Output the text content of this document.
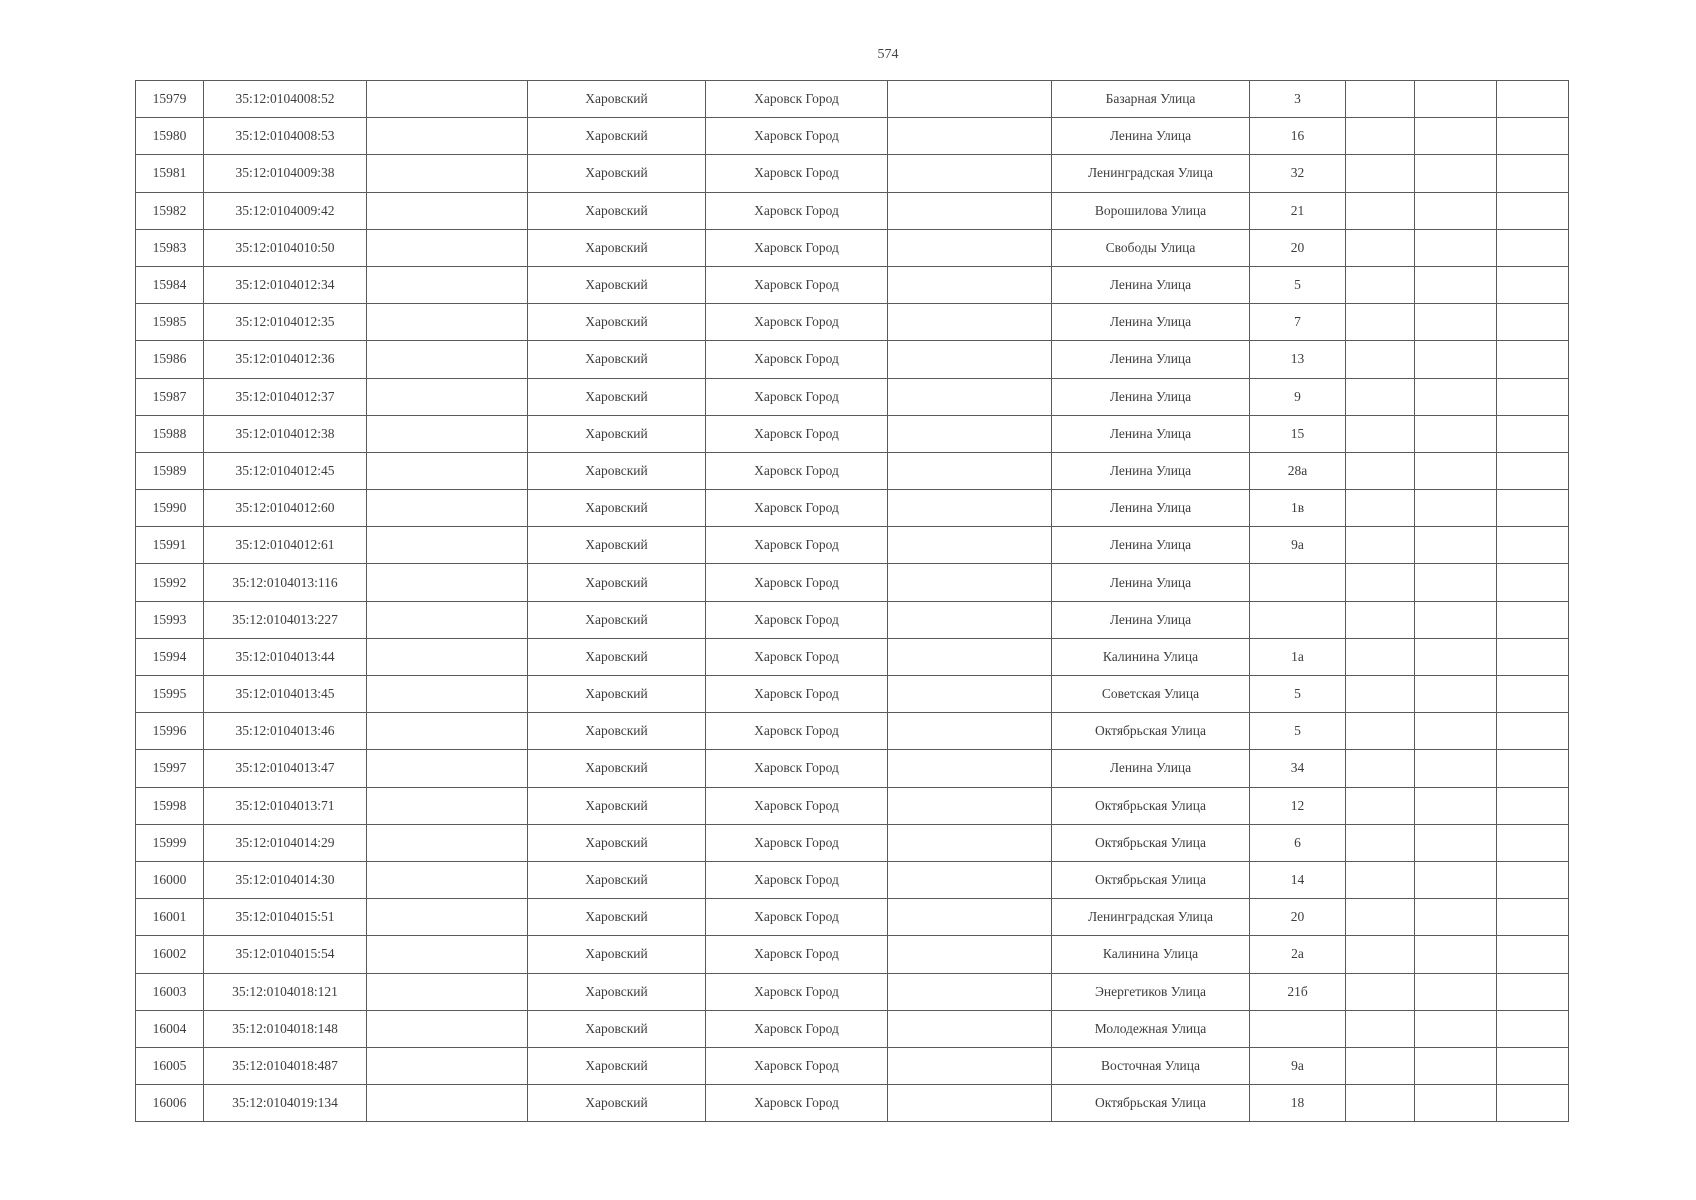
574
15979	35:12:0104008:52		Харовский	Харовск Город		Базарная Улица	3			
15980	35:12:0104008:53		Харовский	Харовск Город		Ленина Улица	16			
15981	35:12:0104009:38		Харовский	Харовск Город		Ленинградская Улица	32			
15982	35:12:0104009:42		Харовский	Харовск Город		Ворошилова Улица	21			
15983	35:12:0104010:50		Харовский	Харовск Город		Свободы Улица	20			
15984	35:12:0104012:34		Харовский	Харовск Город		Ленина Улица	5			
15985	35:12:0104012:35		Харовский	Харовск Город		Ленина Улица	7			
15986	35:12:0104012:36		Харовский	Харовск Город		Ленина Улица	13			
15987	35:12:0104012:37		Харовский	Харовск Город		Ленина Улица	9			
15988	35:12:0104012:38		Харовский	Харовск Город		Ленина Улица	15			
15989	35:12:0104012:45		Харовский	Харовск Город		Ленина Улица	28а			
15990	35:12:0104012:60		Харовский	Харовск Город		Ленина Улица	1в			
15991	35:12:0104012:61		Харовский	Харовск Город		Ленина Улица	9а			
15992	35:12:0104013:116		Харовский	Харовск Город		Ленина Улица				
15993	35:12:0104013:227		Харовский	Харовск Город		Ленина Улица				
15994	35:12:0104013:44		Харовский	Харовск Город		Калинина Улица	1а			
15995	35:12:0104013:45		Харовский	Харовск Город		Советская Улица	5			
15996	35:12:0104013:46		Харовский	Харовск Город		Октябрьская Улица	5			
15997	35:12:0104013:47		Харовский	Харовск Город		Ленина Улица	34			
15998	35:12:0104013:71		Харовский	Харовск Город		Октябрьская Улица	12			
15999	35:12:0104014:29		Харовский	Харовск Город		Октябрьская Улица	6			
16000	35:12:0104014:30		Харовский	Харовск Город		Октябрьская Улица	14			
16001	35:12:0104015:51		Харовский	Харовск Город		Ленинградская Улица	20			
16002	35:12:0104015:54		Харовский	Харовск Город		Калинина Улица	2а			
16003	35:12:0104018:121		Харовский	Харовск Город		Энергетиков Улица	21б			
16004	35:12:0104018:148		Харовский	Харовск Город		Молодежная Улица				
16005	35:12:0104018:487		Харовский	Харовск Город		Восточная Улица	9а			
16006	35:12:0104019:134		Харовский	Харовск Город		Октябрьская Улица	18			
